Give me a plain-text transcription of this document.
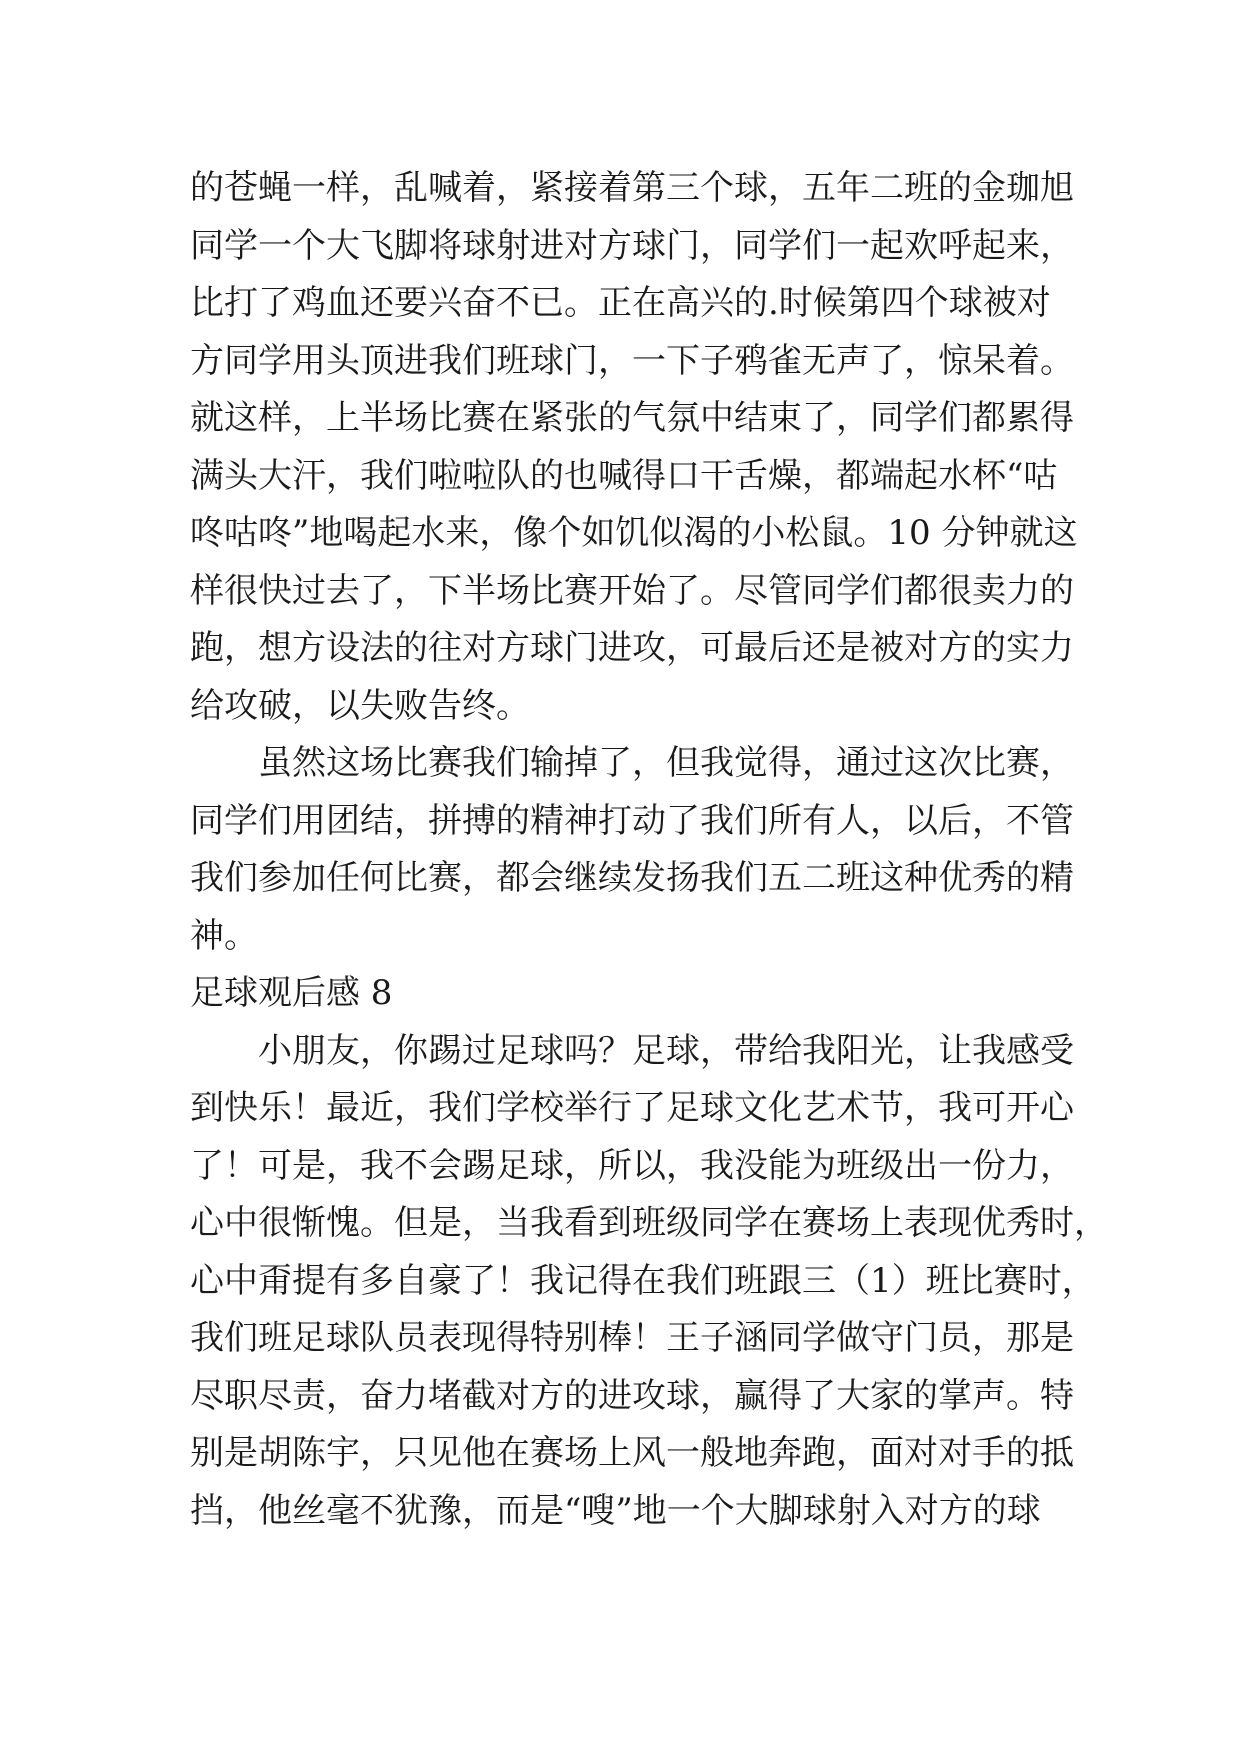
的苍蝇一样，乱喊着，紧接着第三个球，五年二班的金珈旭
同学一个大飞脚将球射进对方球门，同学们一起欢呼起来，
比打了鸡血还要兴奋不已。正在高兴的.时候第四个球被对
方同学用头顶进我们班球门，一下子鸦雀无声了，惊呆着。
就这样，上半场比赛在紧张的气氛中结束了，同学们都累得
满头大汗，我们啦啦队的也喊得口干舌燥，都端起水杯“咕
咚咕咚”地喝起水来，像个如饥似渴的小松鼠。10 分钟就这
样很快过去了，下半场比赛开始了。尽管同学们都很卖力的
跑，想方设法的往对方球门进攻，可最后还是被对方的实力
给攻破，以失败告终。
虽然这场比赛我们输掉了，但我觉得，通过这次比赛，
同学们用团结，拼搏的精神打动了我们所有人，以后，不管
我们参加任何比赛，都会继续发扬我们五二班这种优秀的精
神。
足球观后感 8
小朋友，你踢过足球吗？足球，带给我阳光，让我感受
到快乐！最近，我们学校举行了足球文化艺术节，我可开心
了！可是，我不会踢足球，所以，我没能为班级出一份力，
心中很惭愧。但是，当我看到班级同学在赛场上表现优秀时，
心中甭提有多自豪了！我记得在我们班跟三（1）班比赛时，
我们班足球队员表现得特别棒！王子涵同学做守门员，那是
尽职尽责，奋力堵截对方的进攻球，赢得了大家的掌声。特
别是胡陈宇，只见他在赛场上风一般地奔跑，面对对手的抵
挡，他丝毫不犹豫，而是“嗖”地一个大脚球射入对方的球
